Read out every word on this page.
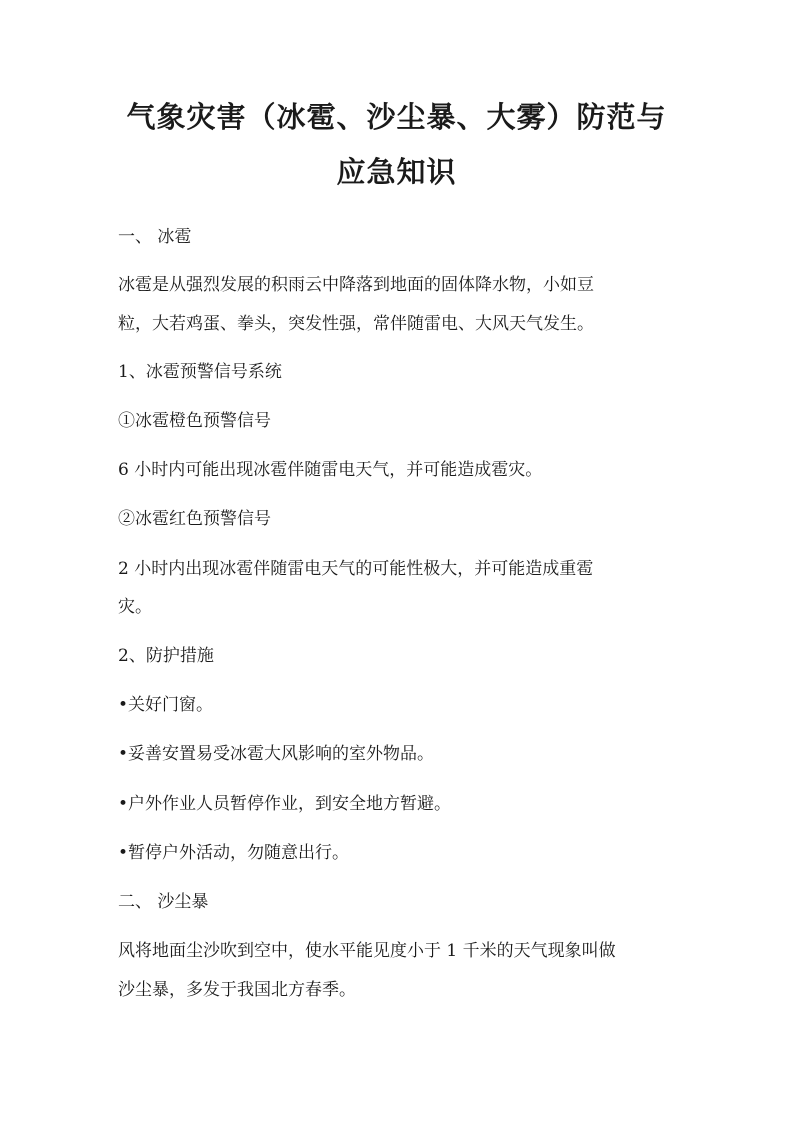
气象灾害（冰雹、沙尘暴、大雾）防范与
应急知识

一、 冰雹

冰雹是从强烈发展的积雨云中降落到地面的固体降水物，小如豆

粒，大若鸡蛋、拳头，突发性强，常伴随雷电、大风天气发生。

1、冰雹预警信号系统

①冰雹橙色预警信号

6 小时内可能出现冰雹伴随雷电天气，并可能造成雹灾。

②冰雹红色预警信号

2 小时内出现冰雹伴随雷电天气的可能性极大，并可能造成重雹

灾。

2、防护措施

•关好门窗。

•妥善安置易受冰雹大风影响的室外物品。

•户外作业人员暂停作业，到安全地方暂避。

•暂停户外活动，勿随意出行。

二、 沙尘暴

风将地面尘沙吹到空中，使水平能见度小于 1 千米的天气现象叫做

沙尘暴，多发于我国北方春季。
